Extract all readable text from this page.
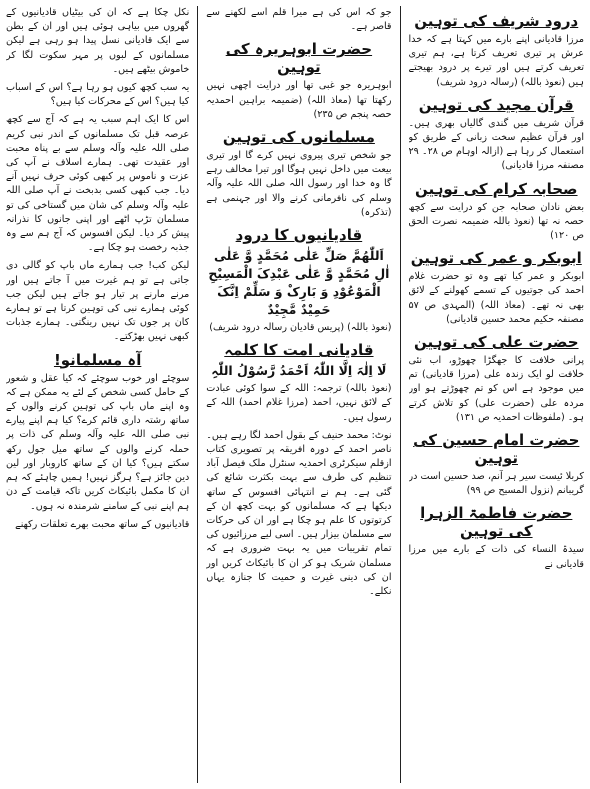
نکل چکا ہے کہ ان کی بیٹیاں قادیانیوں کے گھروں میں بیاہی ہوئی ہیں اور ان کے بطن سے ایک قادیانی نسل پیدا ہو رہی ہے لیکن مسلمانوں کے لبوں پر مہر سکوت لگا کر خاموش بیٹھے ہیں۔

یہ سب کچھ کیوں ہو رہا ہے؟ اس کے اسباب کیا ہیں؟ اس کے محرکات کیا ہیں؟

اس کا ایک اہم سبب یہ ہے کہ آج سے کچھ عرصہ قبل تک مسلمانوں کے اندر نبی کریم صلی اللہ علیہ وآلہ وسلم سے بے پناہ محبت اور عقیدت تھی۔ ہمارے اسلاف نے آپ کی عزت و ناموس پر کبھی کوئی حرف نہیں آنے دیا۔ جب کبھی کسی بدبخت نے آپ صلی اللہ علیہ وآلہ وسلم کی شان میں گستاخی کی تو مسلمان تڑپ اٹھے اور اپنی جانوں کا نذرانہ پیش کر دیا۔ لیکن افسوس کہ آج ہم سے وہ جذبہ رخصت ہو چکا ہے۔

لیکن کب! جب ہمارے ماں باپ کو گالی دی جاتی ہے تو ہم غیرت میں آ جاتے ہیں اور مرنے مارنے پر تیار ہو جاتے ہیں لیکن جب کوئی ہمارے نبی کی توہین کرتا ہے تو ہمارے کان پر جوں تک نہیں رینگتی۔ ہمارے جذبات کبھی نہیں بھڑکتے۔

آہ مسلمانو!

سوچئے اور خوب سوچئے کہ کیا عقل و شعور کے حامل کسی شخص کے لئے یہ ممکن ہے کہ وہ اپنے ماں باپ کی توہین کرنے والوں کے ساتھ رشتہ داری قائم کرے؟ کیا ہم اپنے پیارے نبی صلی اللہ علیہ وآلہ وسلم کی ذات پر حملہ کرنے والوں کے ساتھ میل جول رکھ سکتے ہیں؟ کیا ان کے ساتھ کاروبار اور لین دین جائز ہے؟ ہرگز نہیں! ہمیں چاہئے کہ ہم ان کا مکمل بائیکاٹ کریں تاکہ قیامت کے دن ہم اپنے نبی کے سامنے شرمندہ نہ ہوں۔

قادیانیوں کے ساتھ محبت بھرے تعلقات رکھنے

جو کہ اس کی ہے میرا قلم اسے لکھنے سے قاصر ہے۔

حضرت ابوہریرہ کی توہین

ابوہریرہ جو غبی تھا اور درایت اچھی نہیں رکھتا تھا (معاذ اللہ) (ضمیمہ براہین احمدیہ حصہ پنجم ص ۲۳۵)

مسلمانوں کی توہین

جو شخص تیری پیروی نہیں کرے گا اور تیری بیعت میں داخل نہیں ہوگا اور تیرا مخالف رہے گا وہ خدا اور رسول اللہ صلی اللہ علیہ وآلہ وسلم کی نافرمانی کرنے والا اور جہنمی ہے (تذکرہ)

قادیانیوں کا درود
اَللّٰھُمَّ صَلِّ عَلٰی مُحَمَّدٍ وَّ عَلٰی اٰلِ مُحَمَّدٍ وَّ عَلٰی عَبْدِکَ الْمَسِیْحِ الْمَوْعُوْدِ وَ بَارِکْ وَ سَلِّمْ اِنَّکَ حَمِیْدٌ مَّجِیْدٌ

(نعوذ باللہ) (پریس قادیان رسالہ درود شریف)

قادیانی امت کا کلمہ
لَا اِلٰہَ اِلَّا اللّٰہُ اَحْمَدُ رَّسُوْلُ اللّٰہِ

(نعوذ باللہ) ترجمہ: اللہ کے سوا کوئی عبادت کے لائق نہیں، احمد (مرزا غلام احمد) اللہ کے رسول ہیں۔

نوٹ: محمد حنیف کے بقول احمد لگا رہے ہیں۔ ناصر احمد کے دورہ افریقہ پر تصویری کتاب ازقلم سیکرٹری احمدیہ سنٹرل ملک فیصل آباد تنظیم کی طرف سے بہت بکثرت شائع کی گئی ہے۔ ہم نے انتہائی افسوس کے ساتھ دیکھا ہے کہ مسلمانوں کو بہت کچھ ان کے کرتوتوں کا علم ہو چکا ہے اور ان کی حرکات سے مسلمان بیزار ہیں۔ اسی لیے مرزائیوں کی تمام تقریبات میں یہ بہت ضروری ہے کہ مسلمان شریک ہو کر ان کا بائیکاٹ کریں اور ان کی دینی غیرت و حمیت کا جنازہ یہاں نکلے۔

درود شریف کی توہین

مرزا قادیانی اپنے بارے میں کہتا ہے کہ خدا عرش پر تیری تعریف کرتا ہے، ہم تیری تعریف کرتے ہیں اور تیرے پر درود بھیجتے ہیں (نعوذ باللہ) (رسالہ درود شریف)

قرآن مجید کی توہین

قرآن شریف میں گندی گالیاں بھری ہیں۔ اور قرآن عظیم سخت زبانی کے طریق کو استعمال کر رہا ہے (ازالہ اوہام ص ۲۸۔ ۲۹ مصنفہ مرزا قادیانی)

صحابہ کرام کی توہین

بعض نادان صحابہ جن کو درایت سے کچھ حصہ نہ تھا (نعوذ باللہ ضمیمہ نصرت الحق ص ۱۲۰)

ابوبکر و عمر کی توہین

ابوبکر و عمر کیا تھے وہ تو حضرت غلام احمد کی جوتیوں کے تسمے کھولنے کے لائق بھی نہ تھے۔ (معاذ اللہ) (المہدی ص ۵۷ مصنفہ حکیم محمد حسین قادیانی)

حضرت علی کی توہین

پرانی خلافت کا جھگڑا چھوڑو، اب نئی خلافت لو ایک زندہ علی (مرزا قادیانی) تم میں موجود ہے اس کو تم چھوڑتے ہو اور مردہ علی (حضرت علی) کو تلاش کرتے ہو۔ (ملفوظات احمدیہ ص ۱۳۱)

حضرت امام حسین کی توہین

کربلا ئیست سیر ہر آنم، صد حسین است در گریبانم (نزول المسیح ص ۹۹)

حضرت فاطمۃ الزہرا کی توہین

سیدۃ النساء کی ذات کے بارے میں مرزا قادیانی نے
